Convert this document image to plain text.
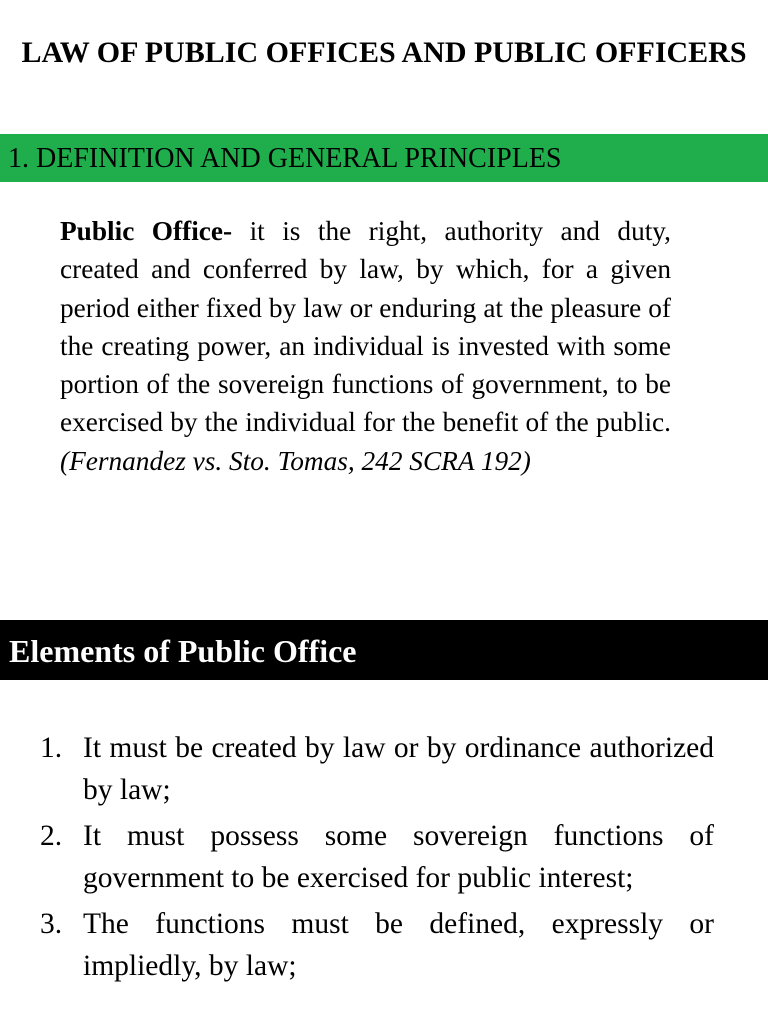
LAW OF PUBLIC OFFICES AND PUBLIC OFFICERS
1. DEFINITION AND GENERAL PRINCIPLES

Public Office- it is the right, authority and duty, created and conferred by law, by which, for a given period either fixed by law or enduring at the pleasure of the creating power, an individual is invested with some portion of the sovereign functions of government, to be exercised by the individual for the benefit of the public. (Fernandez vs. Sto. Tomas, 242 SCRA 192)

Elements of Public Office
1. It must be created by law or by ordinance authorized by law;
2. It must possess some sovereign functions of government to be exercised for public interest;
3. The functions must be defined, expressly or impliedly, by law;
